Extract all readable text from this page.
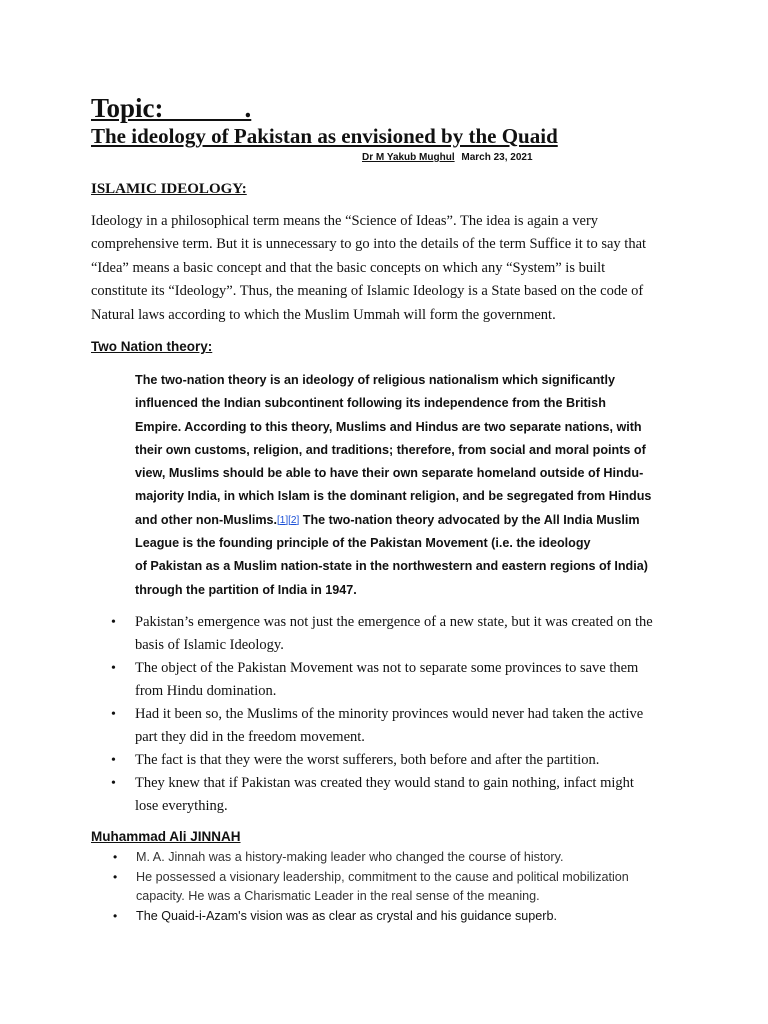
Topic:            .
The ideology of Pakistan as envisioned by the Quaid
Dr M Yakub Mughul March 23, 2021
ISLAMIC IDEOLOGY:
Ideology in a philosophical term means the “Science of Ideas”. The idea is again a very
comprehensive term. But it is unnecessary to go into the details of the term Suffice it to say that
“Idea” means a basic concept and that the basic concepts on which any “System” is built
constitute its “Ideology”. Thus, the meaning of Islamic Ideology is a State based on the code of
Natural laws according to which the Muslim Ummah will form the government.
Two Nation theory:
The two-nation theory is an ideology of religious nationalism which significantly
influenced the Indian subcontinent following its independence from the British
Empire. According to this theory, Muslims and Hindus are two separate nations, with
their own customs, religion, and traditions; therefore, from social and moral points of
view, Muslims should be able to have their own separate homeland outside of Hindu-
majority India, in which Islam is the dominant religion, and be segregated from Hindus
and other non-Muslims.[1][2] The two-nation theory advocated by the All India Muslim
League is the founding principle of the Pakistan Movement (i.e. the ideology
of Pakistan as a Muslim nation-state in the northwestern and eastern regions of India)
through the partition of India in 1947.
• Pakistan’s emergence was not just the emergence of a new state, but it was created on the
basis of Islamic Ideology.
• The object of the Pakistan Movement was not to separate some provinces to save them
from Hindu domination.
• Had it been so, the Muslims of the minority provinces would never had taken the active
part they did in the freedom movement.
• The fact is that they were the worst sufferers, both before and after the partition.
• They knew that if Pakistan was created they would stand to gain nothing, infact might
lose everything.
Muhammad Ali JINNAH
• M. A. Jinnah was a history-making leader who changed the course of history.
• He possessed a visionary leadership, commitment to the cause and political mobilization
capacity. He was a Charismatic Leader in the real sense of the meaning.
• The Quaid-i-Azam's vision was as clear as crystal and his guidance superb.
